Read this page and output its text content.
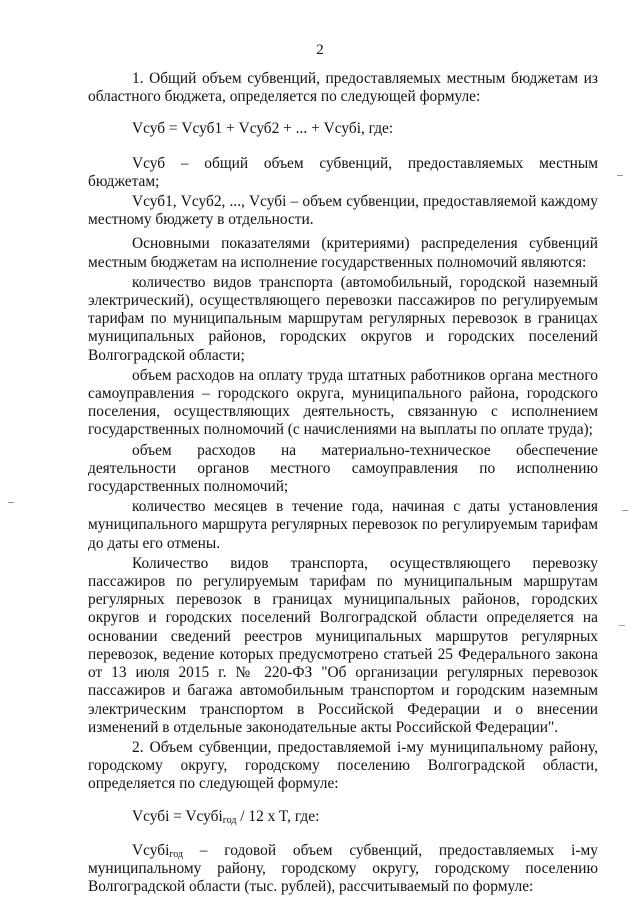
2

1. Общий объем субвенций, предоставляемых местным бюджетам из областного бюджета, определяется по следующей формуле:

Vсуб = Vсуб1 + Vсуб2 + ... + Vсубi, где:

Vсуб – общий объем субвенций, предоставляемых местным бюджетам;

Vсуб1, Vсуб2, ..., Vсубi – объем субвенции, предоставляемой каждому местному бюджету в отдельности.

Основными показателями (критериями) распределения субвенций местным бюджетам на исполнение государственных полномочий являются:

количество видов транспорта (автомобильный, городской наземный электрический), осуществляющего перевозки пассажиров по регулируемым тарифам по муниципальным маршрутам регулярных перевозок в границах муниципальных районов, городских округов и городских поселений Волгоградской области;

объем расходов на оплату труда штатных работников органа местного самоуправления – городского округа, муниципального района, городского поселения, осуществляющих деятельность, связанную с исполнением государственных полномочий (с начислениями на выплаты по оплате труда);

объем расходов на материально-техническое обеспечение деятельности органов местного самоуправления по исполнению государственных полномочий;

количество месяцев в течение года, начиная с даты установления муниципального маршрута регулярных перевозок по регулируемым тарифам до даты его отмены.

Количество видов транспорта, осуществляющего перевозку пассажиров по регулируемым тарифам по муниципальным маршрутам регулярных перевозок в границах муниципальных районов, городских округов и городских поселений Волгоградской области определяется на основании сведений реестров муниципальных маршрутов регулярных перевозок, ведение которых предусмотрено статьей 25 Федерального закона от 13 июля 2015 г. № 220-ФЗ "Об организации регулярных перевозок пассажиров и багажа автомобильным транспортом и городским наземным электрическим транспортом в Российской Федерации и о внесении изменений в отдельные законодательные акты Российской Федерации".

2. Объем субвенции, предоставляемой i-му муниципальному району, городскому округу, городскому поселению Волгоградской области, определяется по следующей формуле:

Vсубi = Vсубi$_{год}$ / 12 x T, где:

Vсубi$_{год}$ – годовой объем субвенций, предоставляемых i-му муниципальному району, городскому округу, городскому поселению Волгоградской области (тыс. рублей), рассчитываемый по формуле:
